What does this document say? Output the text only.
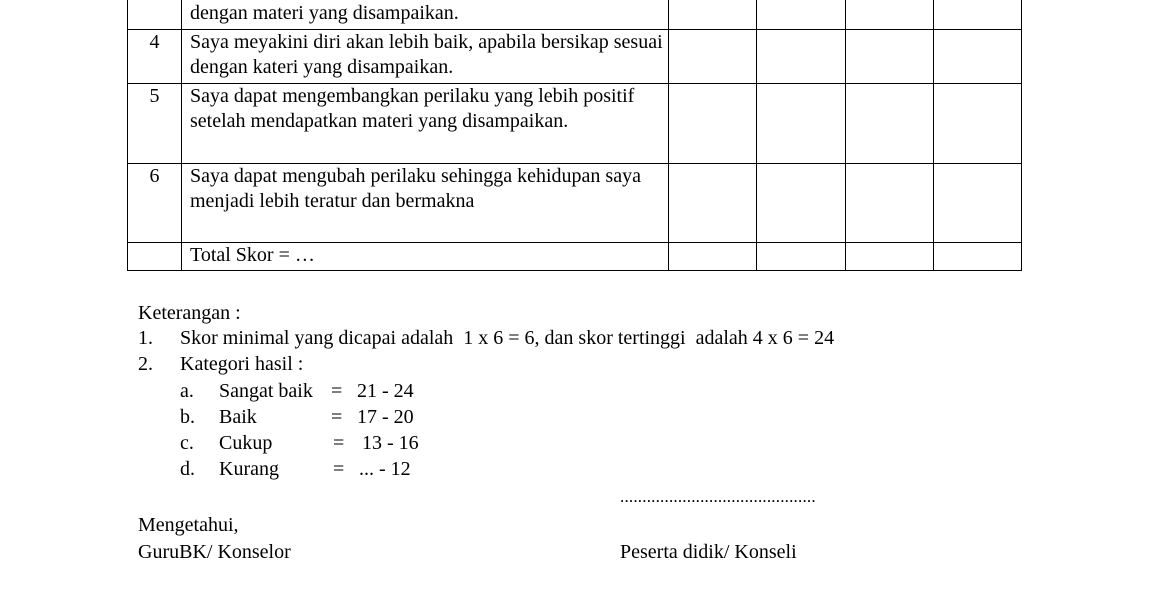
	dengan materi yang disampaikan.				
4	Saya meyakini diri akan lebih baik, apabila bersikap sesuai dengan kateri yang disampaikan.				
5	Saya dapat mengembangkan perilaku yang lebih positif setelah mendapatkan materi yang disampaikan.				
6	Saya dapat mengubah perilaku sehingga kehidupan saya menjadi lebih teratur dan bermakna				
	Total Skor = …				
Keterangan :
1. Skor minimal yang dicapai adalah  1 x 6 = 6, dan skor tertinggi  adalah 4 x 6 = 24
2. Kategori hasil :
a. Sangat baik = 21 - 24
b. Baik	= 17 - 20
c. Cukup	= 13 - 16
d. Kurang	= ... - 12
............................................
Mengetahui,
GuruBK/ Konselor	Peserta didik/ Konseli
